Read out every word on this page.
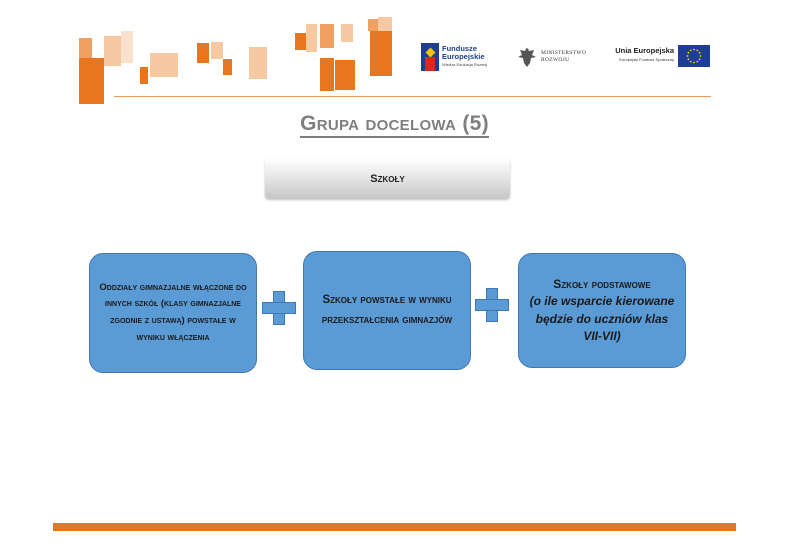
Fundusze
Europejskie
Wiedza Edukacja Rozwój
MINISTERSTWO
ROZWOJU
Unia Europejska
Europejski Fundusz Społeczny
Grupa docelowa (5)
Szkoły
Oddziały gimnazjalne włączone do innych szkół (klasy gimnazjalne zgodnie z ustawą) powstałe w wyniku włączenia
Szkoły powstałe w wyniku przekształcenia gimnazjów
Szkoły podstawowe
(o ile wsparcie kierowane będzie do uczniów klas VII-VII)
